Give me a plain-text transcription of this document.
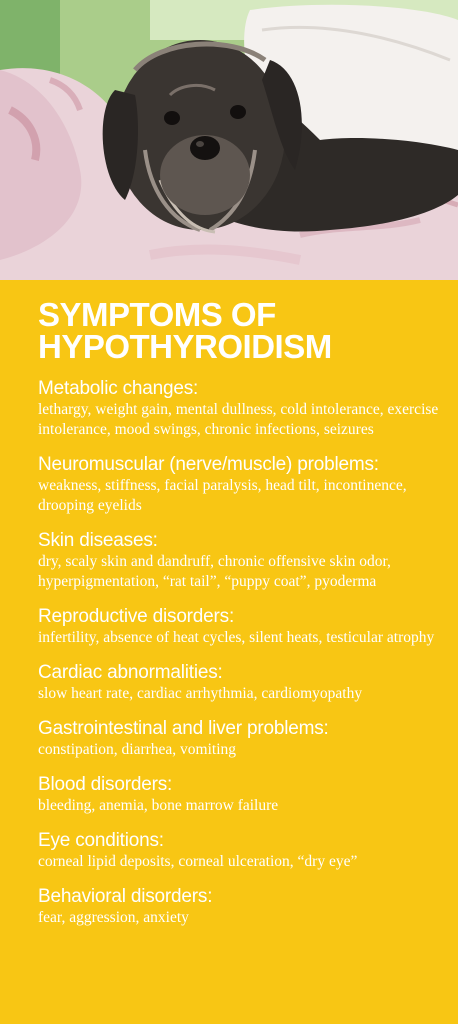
SYMPTOMS OF
HYPOTHYROIDISM

Metabolic changes:

lethargy, weight gain, mental dullness, cold intolerance, exercise intolerance, mood swings, chronic infections, seizures

Neuromuscular (nerve/muscle) problems:

weakness, stiffness, facial paralysis, head tilt, incontinence, drooping eyelids

Skin diseases:

dry, scaly skin and dandruff, chronic offensive skin odor, hyperpigmentation, “rat tail”, “puppy coat”, pyoderma

Reproductive disorders:

infertility, absence of heat cycles, silent heats, testicular atrophy

Cardiac abnormalities:

slow heart rate, cardiac arrhythmia, cardiomyopathy

Gastrointestinal and liver problems:

constipation, diarrhea, vomiting

Blood disorders:

bleeding, anemia, bone marrow failure

Eye conditions:

corneal lipid deposits, corneal ulceration, “dry eye”

Behavioral disorders:

fear, aggression, anxiety
